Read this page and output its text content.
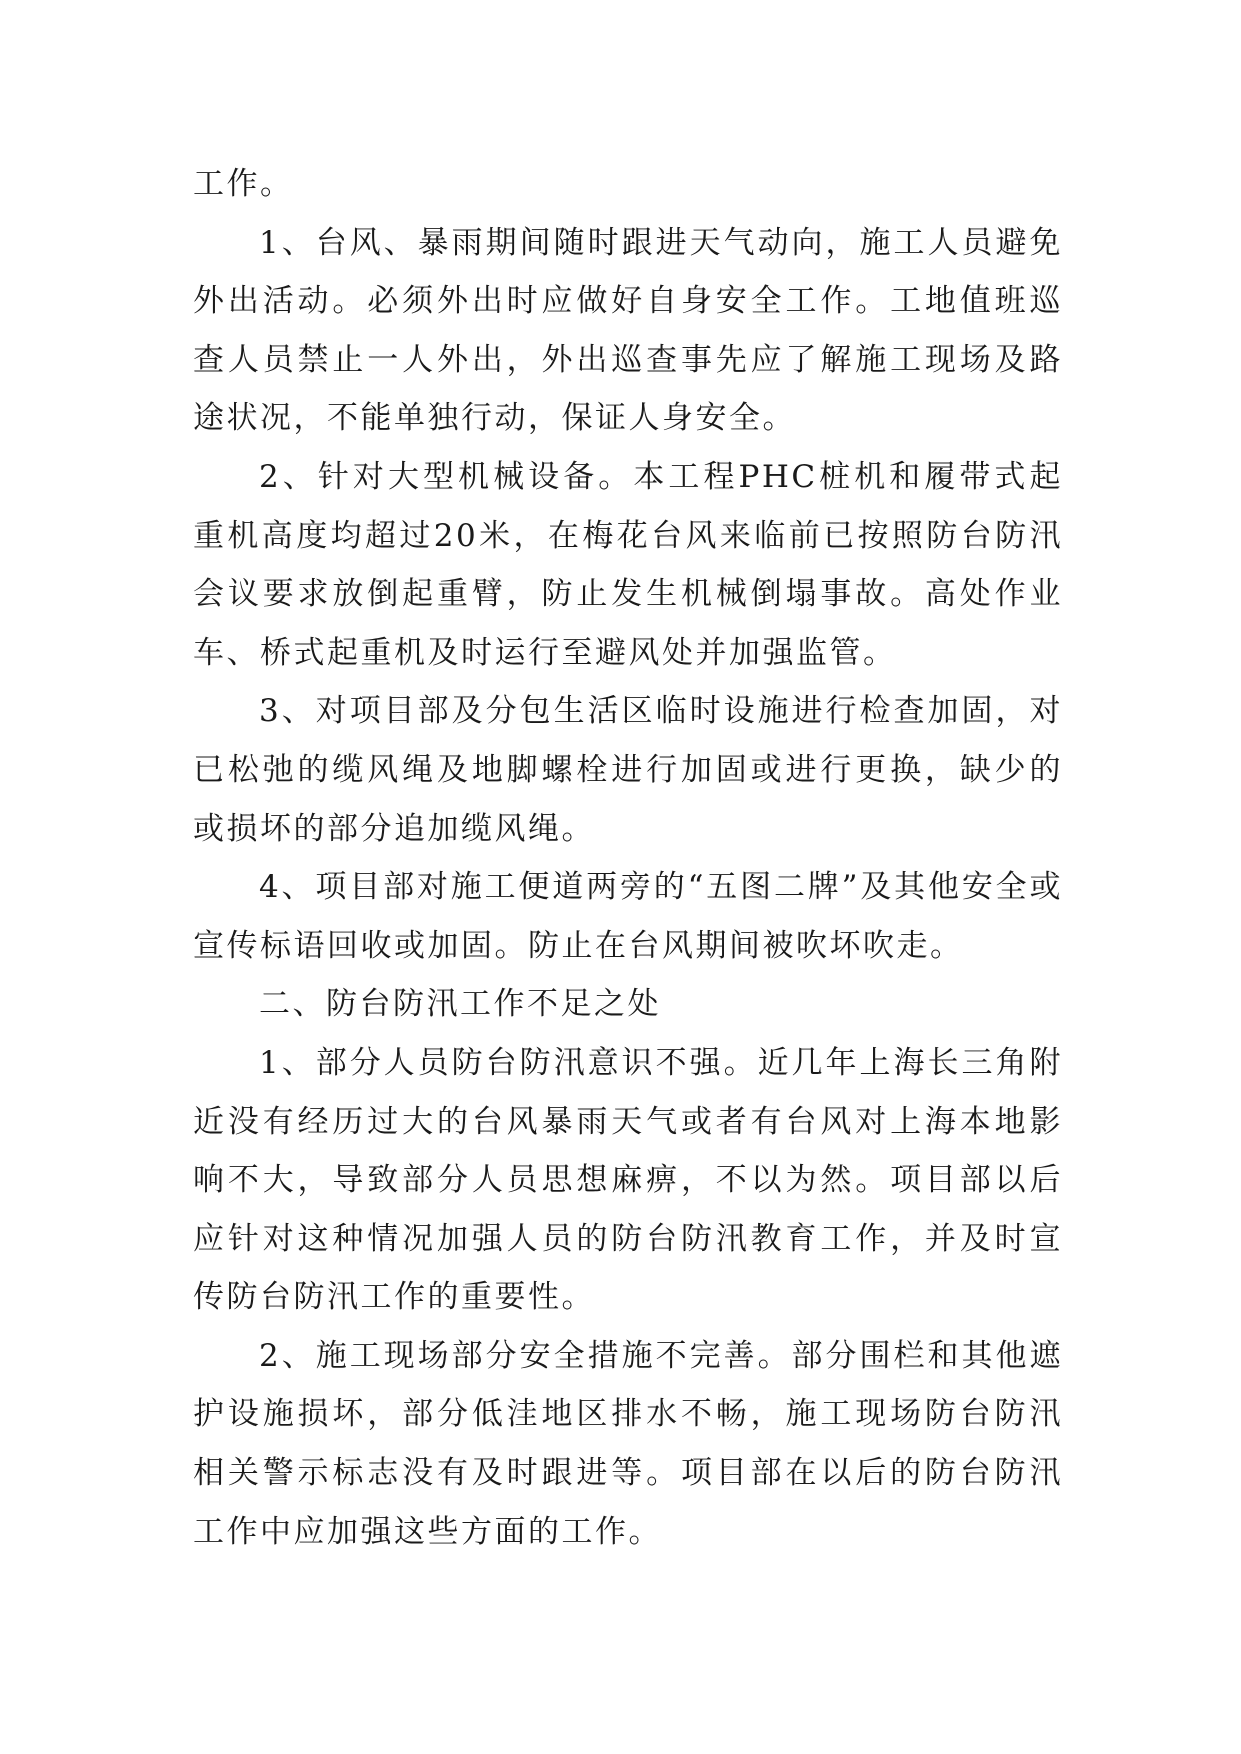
工作。

1、台风、暴雨期间随时跟进天气动向，施工人员避免外出活动。必须外出时应做好自身安全工作。工地值班巡查人员禁止一人外出，外出巡查事先应了解施工现场及路途状况，不能单独行动，保证人身安全。

2、针对大型机械设备。本工程PHC桩机和履带式起重机高度均超过20米，在梅花台风来临前已按照防台防汛会议要求放倒起重臂，防止发生机械倒塌事故。高处作业车、桥式起重机及时运行至避风处并加强监管。

3、对项目部及分包生活区临时设施进行检查加固，对已松弛的缆风绳及地脚螺栓进行加固或进行更换，缺少的或损坏的部分追加缆风绳。

4、项目部对施工便道两旁的“五图二牌”及其他安全或宣传标语回收或加固。防止在台风期间被吹坏吹走。

二、防台防汛工作不足之处

1、部分人员防台防汛意识不强。近几年上海长三角附近没有经历过大的台风暴雨天气或者有台风对上海本地影响不大，导致部分人员思想麻痹，不以为然。项目部以后应针对这种情况加强人员的防台防汛教育工作，并及时宣传防台防汛工作的重要性。

2、施工现场部分安全措施不完善。部分围栏和其他遮护设施损坏，部分低洼地区排水不畅，施工现场防台防汛相关警示标志没有及时跟进等。项目部在以后的防台防汛工作中应加强这些方面的工作。
